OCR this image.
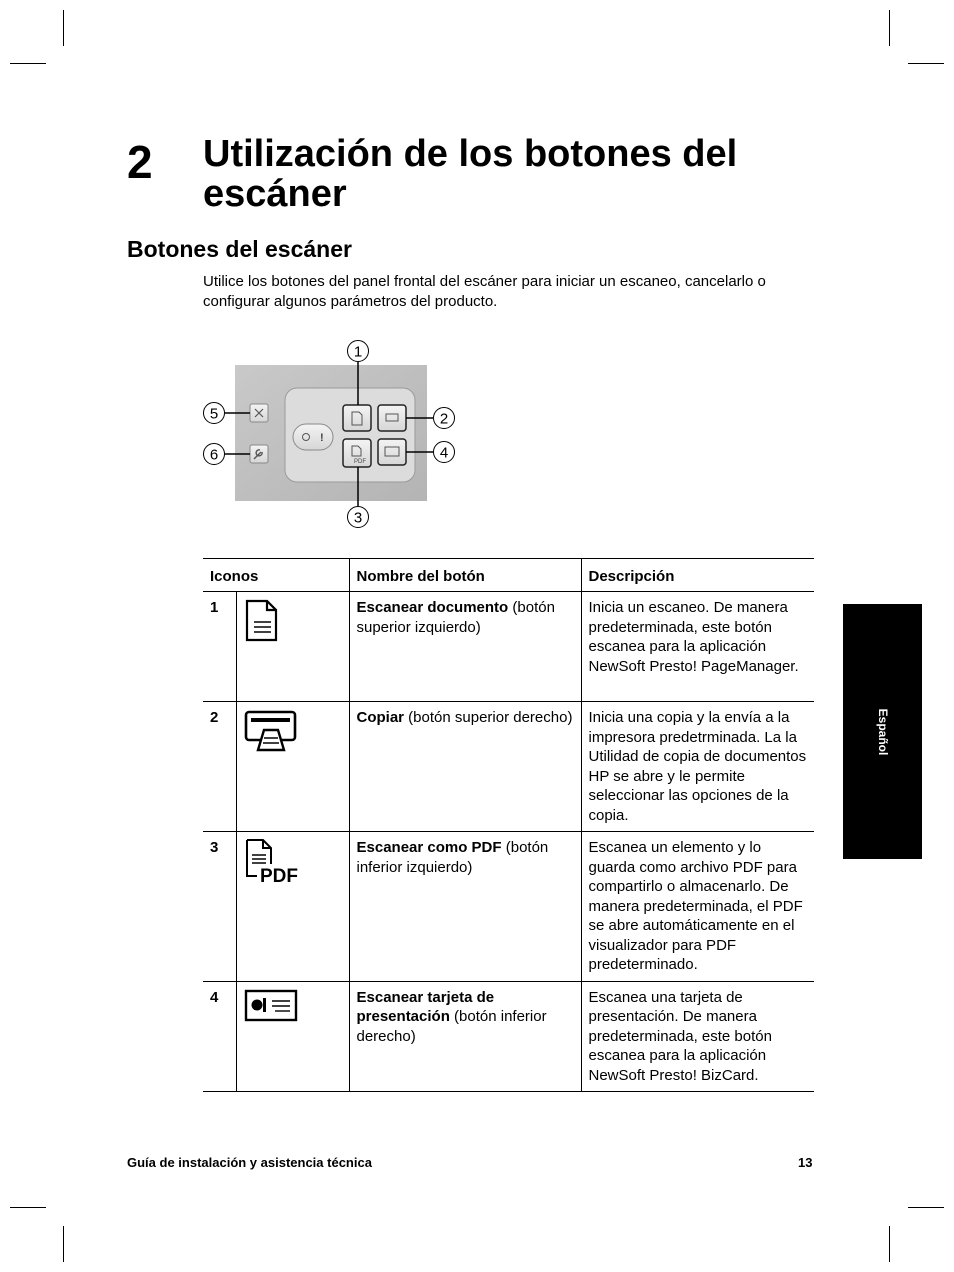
2 Utilización de los botones del escáner
Botones del escáner

Utilice los botones del panel frontal del escáner para iniciar un escaneo, cancelarlo o configurar algunos parámetros del producto.

!
PDF
1
2
3
4
5
6
Español
Iconos		Nombre del botón	Descripción
1		Escanear documento (botón superior izquierdo)	Inicia un escaneo. De manera predeterminada, este botón escanea para la aplicación NewSoft Presto! PageManager.
2		Copiar (botón superior derecho)	Inicia una copia y la envía a la impresora predetrminada. La la Utilidad de copia de documentos HP se abre y le permite seleccionar las opciones de la copia.
3	PDF	Escanear como PDF (botón inferior izquierdo)	Escanea un elemento y lo guarda como archivo PDF para compartirlo o almacenarlo. De manera predeterminada, el PDF se abre automáticamente en el visualizador para PDF predeterminado.
4		Escanear tarjeta de presentación (botón inferior derecho)	Escanea una tarjeta de presentación. De manera predeterminada, este botón escanea para la aplicación NewSoft Presto! BizCard.
Guía de instalación y asistencia técnica	13
